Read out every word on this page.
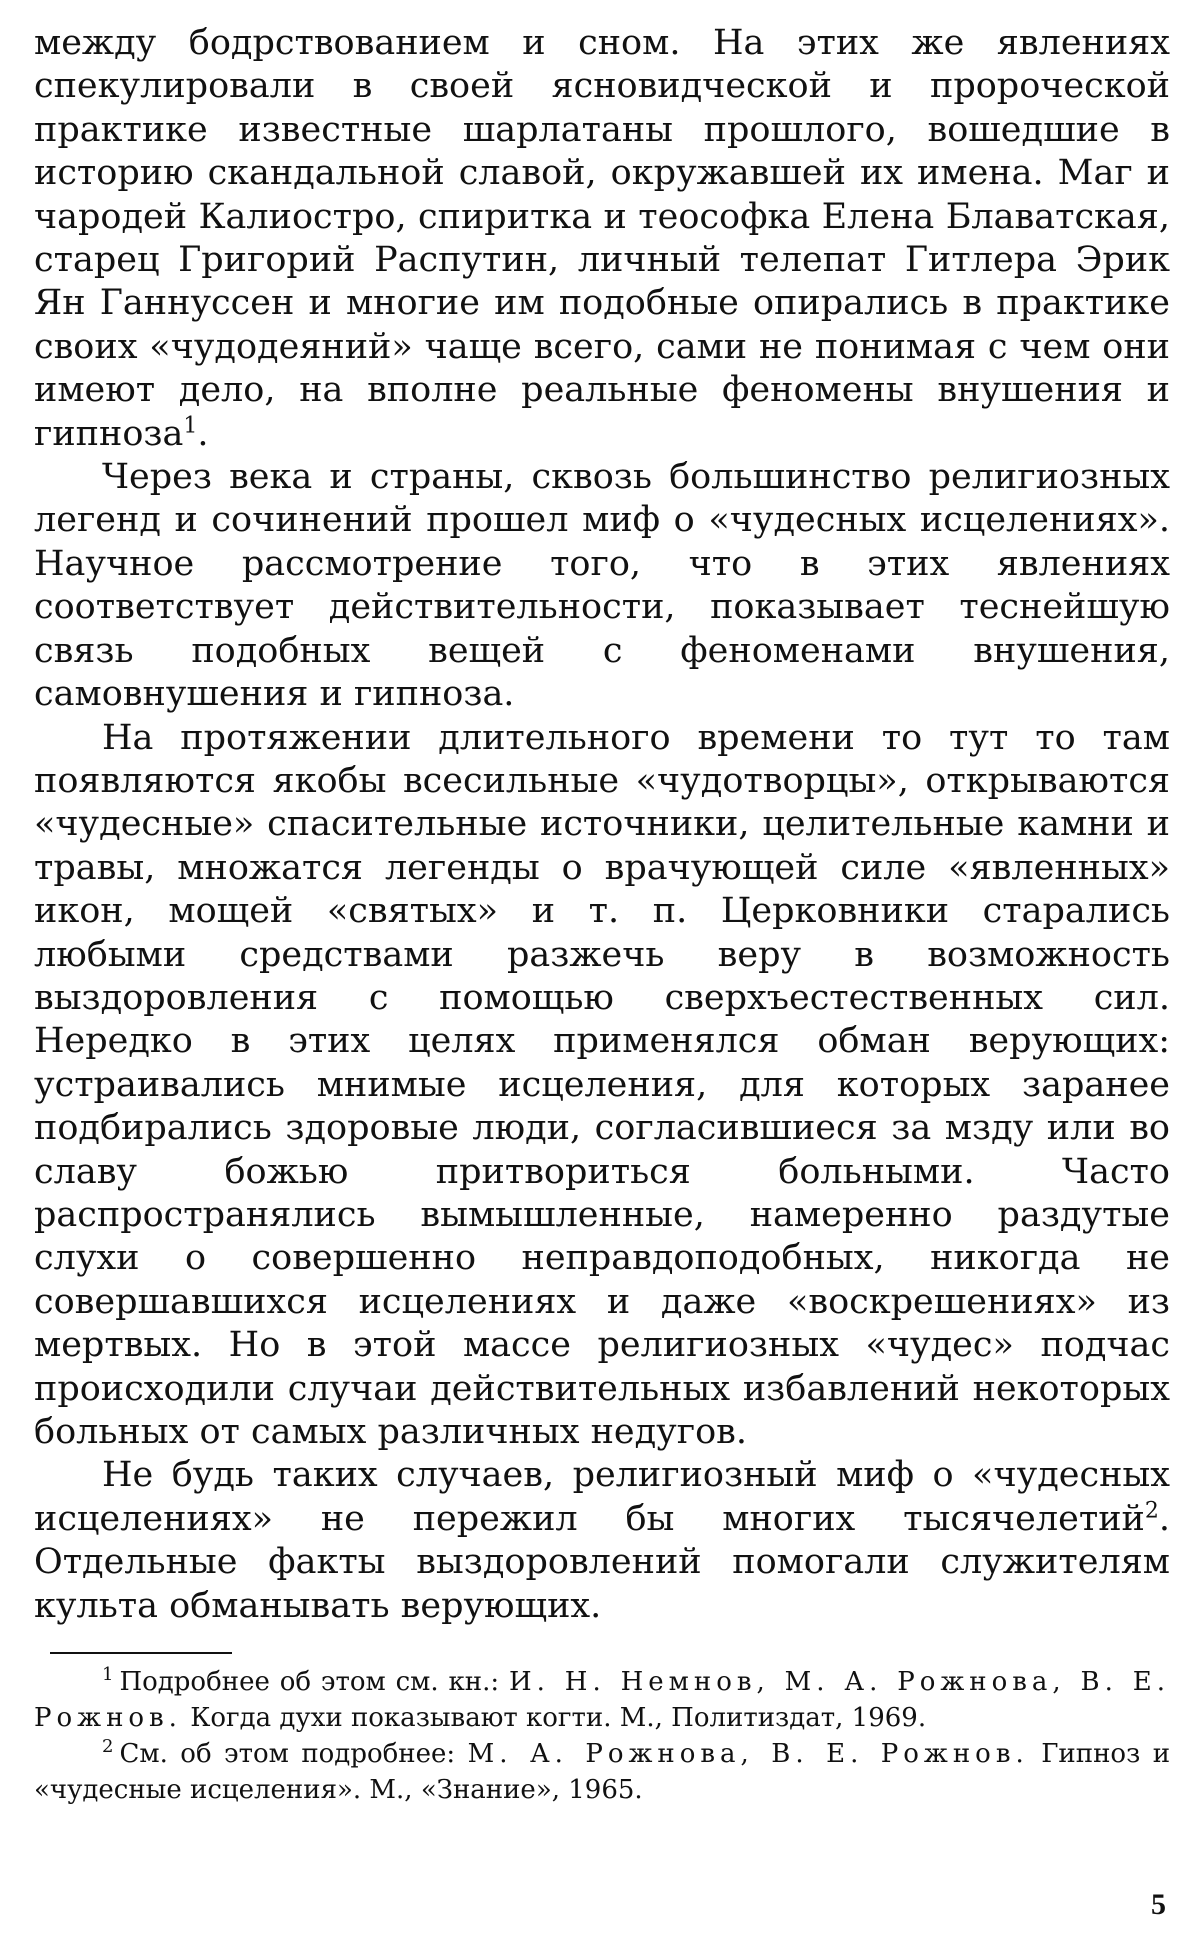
между бодрствованием и сном. На этих же явлениях спекулировали в своей ясновидческой и пророческой практике известные шарлатаны прошлого, вошедшие в историю скандальной славой, окружавшей их имена. Маг и чародей Калиостро, спиритка и теософка Елена Блаватская, старец Григорий Распутин, личный телепат Гитлера Эрик Ян Ганнуссен и многие им подобные опирались в практике своих «чудодеяний» чаще всего, сами не понимая с чем они имеют дело, на вполне реальные феномены внушения и гипноза$^1$.

Через века и страны, сквозь большинство религиозных легенд и сочинений прошел миф о «чудесных исцелениях». Научное рассмотрение того, что в этих явлениях соответствует действительности, показывает теснейшую связь подобных вещей с феноменами внушения, самовнушения и гипноза.

На протяжении длительного времени то тут то там появляются якобы всесильные «чудотворцы», открываются «чудесные» спасительные источники, целительные камни и травы, множатся легенды о врачующей силе «явленных» икон, мощей «святых» и т. п. Церковники старались любыми средствами разжечь веру в возможность выздоровления с помощью сверхъестественных сил. Нередко в этих целях применялся обман верующих: устраивались мнимые исцеления, для которых заранее подбирались здоровые люди, согласившиеся за мзду или во славу божью притвориться больными. Часто распространялись вымышленные, намеренно раздутые слухи о совершенно неправдоподобных, никогда не совершавшихся исцелениях и даже «воскрешениях» из мертвых. Но в этой массе религиозных «чудес» подчас происходили случаи действительных избавлений некоторых больных от самых различных недугов.

Не будь таких случаев, религиозный миф о «чудесных исцелениях» не пережил бы многих тысячелетий$^2$. Отдельные факты выздоровлений помогали служителям культа обманывать верующих.

$^1$ Подробнее об этом см. кн.: И. Н. Немнов, М. А. Рожнова, В. Е. Рожнов. Когда духи показывают когти. М., Политиздат, 1969.

$^2$ См. об этом подробнее: М. А. Рожнова, В. Е. Рожнов. Гипноз и «чудесные исцеления». М., «Знание», 1965.

5
